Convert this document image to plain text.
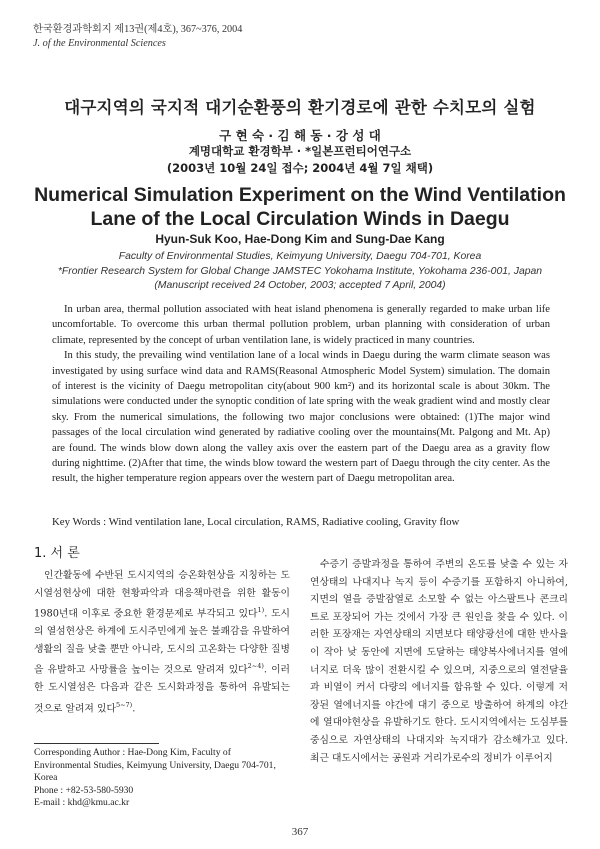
한국환경과학회지 제13권(제4호), 367~376, 2004
J. of the Environmental Sciences
대구지역의 국지적 대기순환풍의 환기경로에 관한 수치모의 실험
구 현 숙 · 김 해 동 · 강 성 대
계명대학교 환경학부 · *일본프런티어연구소
(2003년 10월 24일 접수; 2004년 4월 7일 채택)
Numerical Simulation Experiment on the Wind Ventilation
Lane of the Local Circulation Winds in Daegu
Hyun-Suk Koo, Hae-Dong Kim and Sung-Dae Kang
Faculty of Environmental Studies, Keimyung University, Daegu 704-701, Korea
*Frontier Research System for Global Change JAMSTEC Yokohama Institute, Yokohama 236-001, Japan
(Manuscript received 24 October, 2003; accepted 7 April, 2004)

In urban area, thermal pollution associated with heat island phenomena is generally regarded to make urban life uncomfortable. To overcome this urban thermal pollution problem, urban planning with consideration of urban climate, represented by the concept of urban ventilation lane, is widely practiced in many countries.

In this study, the prevailing wind ventilation lane of a local winds in Daegu during the warm climate season was investigated by using surface wind data and RAMS(Reasonal Atmospheric Model System) simulation. The domain of interest is the vicinity of Daegu metropolitan city(about 900 km²) and its horizontal scale is about 30km. The simulations were conducted under the synoptic condition of late spring with the weak gradient wind and mostly clear sky. From the numerical simulations, the following two major conclusions were obtained: (1)The major wind passages of the local circulation wind generated by radiative cooling over the mountains(Mt. Palgong and Mt. Ap) are found. The winds blow down along the valley axis over the eastern part of the Daegu area as a gravity flow during nighttime. (2)After that time, the winds blow toward the western part of Daegu through the city center. As the result, the higher temperature region appears over the western part of Daegu metropolitan area.

Key Words : Wind ventilation lane, Local circulation, RAMS, Radiative cooling, Gravity flow
1. 서 론

인간활동에 수반된 도시지역의 승온화현상을 지칭하는 도시열섬현상에 대한 현황파악과 대응책마련을 위한 활동이 1980년대 이후로 중요한 환경문제로 부각되고 있다$^{1)}$. 도시의 열섬현상은 하계에 도시주민에게 높은 불쾌감을 유발하여 생활의 질을 낮출 뿐만 아니라, 도시의 고온화는 다양한 질병을 유발하고 사망률을 높이는 것으로 알려져 있다$^{2\sim 4)}$. 이러한 도시열섬은 다음과 같은 도시화과정을 통하여 유발되는 것으로 알려져 있다$^{5\sim 7)}$.

Corresponding Author : Hae-Dong Kim, Faculty of Environmental Studies, Keimyung University, Daegu 704-701, Korea
Phone : +82-53-580-5930
E-mail : khd@kmu.ac.kr

수증기 증발과정을 통하여 주변의 온도를 낮출 수 있는 자연상태의 나대지나 녹지 등이 수증기를 포함하지 아니하여, 지면의 열을 증발잠열로 소모할 수 없는 아스팔트나 콘크리트로 포장되어 가는 것에서 가장 큰 원인을 찾을 수 있다. 이러한 포장재는 자연상태의 지면보다 태양광선에 대한 반사율이 작아 낮 동안에 지면에 도달하는 태양복사에너지를 열에너지로 더욱 많이 전환시킬 수 있으며, 지중으로의 열전달율과 비열이 커서 다량의 에너지를 함유할 수 있다. 이렇게 저장된 열에너지를 야간에 대기 중으로 방출하여 하계의 야간에 열대야현상을 유발하기도 한다. 도시지역에서는 도심부를 중심으로 자연상태의 나대지와 녹지대가 감소해가고 있다. 최근 대도시에서는 공원과 거리가로수의 정비가 이루어지

367
